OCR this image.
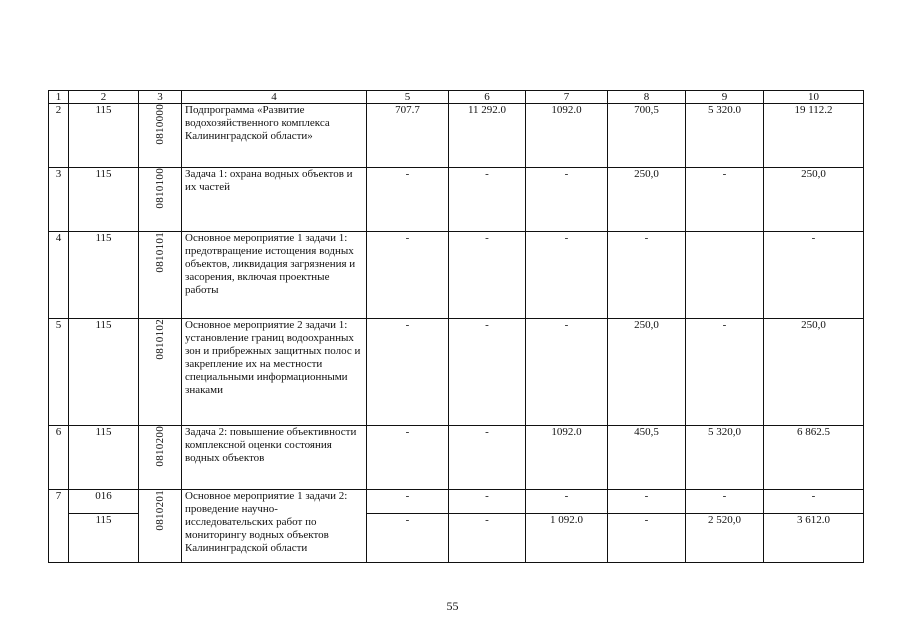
1	2	3	4	5	6	7	8	9	10
2	115	0810000	Подпрограмма «Развитие водохозяйственного комплекса Калининградской области»	707.7	11 292.0	1092.0	700,5	5 320.0	19 112.2
3	115	0810100	Задача 1: охрана водных объектов и их частей	-	-	-	250,0	-	250,0
4	115	0810101	Основное мероприятие 1 задачи 1: предотвращение истощения водных объектов, ликвидация загрязнения и засорения, включая проектные работы	-	-	-	-		-
5	115	0810102	Основное мероприятие 2 задачи 1: установление границ водоохранных зон и прибрежных защитных полос и закрепление их на местности специальными информационными знаками	-	-	-	250,0	-	250,0
6	115	0810200	Задача 2: повышение объективности комплексной оценки состояния водных объектов	-	-	1092.0	450,5	5 320,0	6 862.5
7	016	0810201	Основное мероприятие 1 задачи 2: проведение научно-исследовательских работ по мониторингу водных объектов Калининградской области	-	-	-	-	-	-
	115			-	-	1 092.0	-	2 520,0	3 612.0
55
